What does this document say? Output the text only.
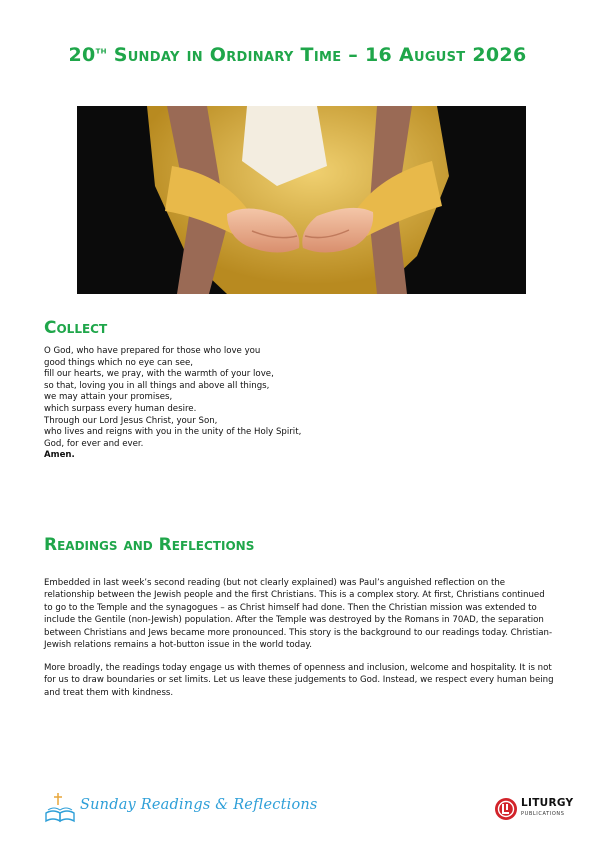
20th Sunday in Ordinary Time – 16 August 2026
Collect
O God, who have prepared for those who love you
good things which no eye can see,
fill our hearts, we pray, with the warmth of your love,
so that, loving you in all things and above all things,
we may attain your promises,
which surpass every human desire.
Through our Lord Jesus Christ, your Son,
who lives and reigns with you in the unity of the Holy Spirit,
God, for ever and ever.
Amen.
Readings and Reflections

Embedded in last week’s second reading (but not clearly explained) was Paul’s anguished reflection on the relationship between the Jewish people and the first Christians. This is a complex story. At first, Christians continued to go to the Temple and the synagogues – as Christ himself had done. Then the Christian mission was extended to include the Gentile (non-Jewish) population. After the Temple was destroyed by the Romans in 70AD, the separation between Christians and Jews became more pronounced. This story is the background to our readings today. Christian-Jewish relations remains a hot-button issue in the world today.

More broadly, the readings today engage us with themes of openness and inclusion, welcome and hospitality. It is not for us to draw boundaries or set limits. Let us leave these judgements to God. Instead, we respect every human being and treat them with kindness.

Sunday Readings & Reflections	LITURGY
PUBLICATIONS
